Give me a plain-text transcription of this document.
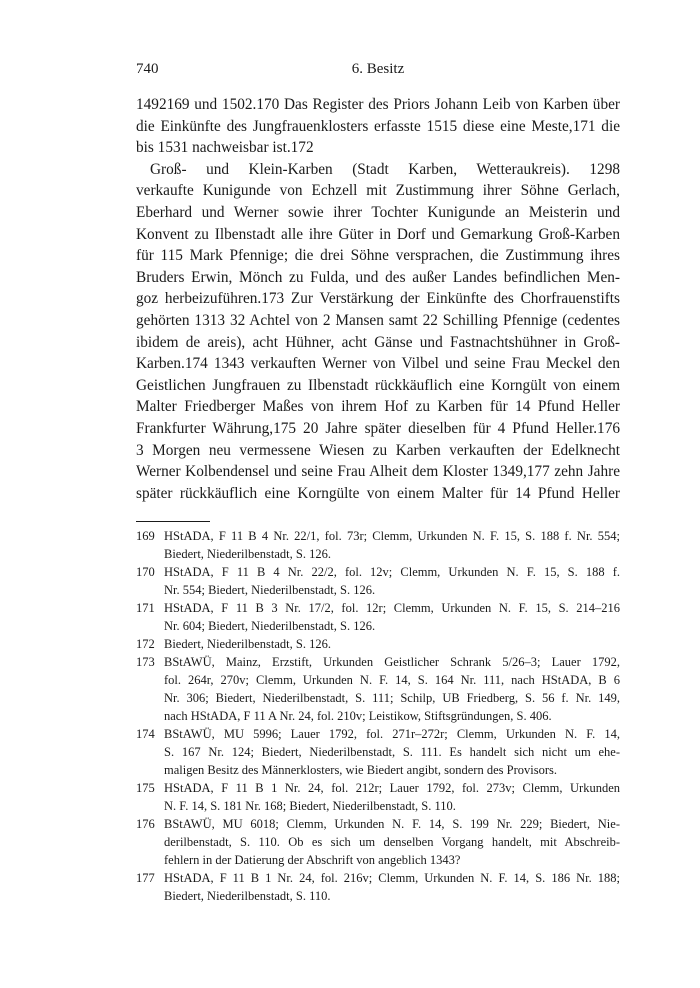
740	6. Besitz
1492169 und 1502.170 Das Register des Priors Johann Leib von Karben über
die Einkünfte des Jungfrauenklosters erfasste 1515 diese eine Meste,171 die
bis 1531 nachweisbar ist.172
Groß- und Klein-Karben (Stadt Karben, Wetteraukreis). 1298
verkaufte Kunigunde von Echzell mit Zustimmung ihrer Söhne Gerlach,
Eberhard und Werner sowie ihrer Tochter Kunigunde an Meisterin und
Konvent zu Ilbenstadt alle ihre Güter in Dorf und Gemarkung Groß-Karben
für 115 Mark Pfennige; die drei Söhne versprachen, die Zustimmung ihres
Bruders Erwin, Mönch zu Fulda, und des außer Landes befindlichen Men-
goz herbeizuführen.173 Zur Verstärkung der Einkünfte des Chorfrauenstifts
gehörten 1313 32 Achtel von 2 Mansen samt 22 Schilling Pfennige (cedentes
ibidem de areis), acht Hühner, acht Gänse und Fastnachtshühner in Groß-
Karben.174 1343 verkauften Werner von Vilbel und seine Frau Meckel den
Geistlichen Jungfrauen zu Ilbenstadt rückkäuflich eine Korngült von einem
Malter Friedberger Maßes von ihrem Hof zu Karben für 14 Pfund Heller
Frankfurter Währung,175 20 Jahre später dieselben für 4 Pfund Heller.176
3 Morgen neu vermessene Wiesen zu Karben verkauften der Edelknecht
Werner Kolbendensel und seine Frau Alheit dem Kloster 1349,177 zehn Jahre
später rückkäuflich eine Korngülte von einem Malter für 14 Pfund Heller
169 HStADA, F 11 B 4 Nr. 22/1, fol. 73r; Clemm, Urkunden N. F. 15, S. 188 f. Nr. 554;
Biedert, Niederilbenstadt, S. 126.
170 HStADA, F 11 B 4 Nr. 22/2, fol. 12v; Clemm, Urkunden N. F. 15, S. 188 f.
Nr. 554; Biedert, Niederilbenstadt, S. 126.
171 HStADA, F 11 B 3 Nr. 17/2, fol. 12r; Clemm, Urkunden N. F. 15, S. 214–216
Nr. 604; Biedert, Niederilbenstadt, S. 126.
172 Biedert, Niederilbenstadt, S. 126.
173 BStAWÜ, Mainz, Erzstift, Urkunden Geistlicher Schrank 5/26–3; Lauer 1792,
fol. 264r, 270v; Clemm, Urkunden N. F. 14, S. 164 Nr. 111, nach HStADA, B 6
Nr. 306; Biedert, Niederilbenstadt, S. 111; Schilp, UB Friedberg, S. 56 f. Nr. 149,
nach HStADA, F 11 A Nr. 24, fol. 210v; Leistikow, Stiftsgründungen, S. 406.
174 BStAWÜ, MU 5996; Lauer 1792, fol. 271r–272r; Clemm, Urkunden N. F. 14,
S. 167 Nr. 124; Biedert, Niederilbenstadt, S. 111. Es handelt sich nicht um ehe-
maligen Besitz des Männerklosters, wie Biedert angibt, sondern des Provisors.
175 HStADA, F 11 B 1 Nr. 24, fol. 212r; Lauer 1792, fol. 273v; Clemm, Urkunden
N. F. 14, S. 181 Nr. 168; Biedert, Niederilbenstadt, S. 110.
176 BStAWÜ, MU 6018; Clemm, Urkunden N. F. 14, S. 199 Nr. 229; Biedert, Nie-
derilbenstadt, S. 110. Ob es sich um denselben Vorgang handelt, mit Abschreib-
fehlern in der Datierung der Abschrift von angeblich 1343?
177 HStADA, F 11 B 1 Nr. 24, fol. 216v; Clemm, Urkunden N. F. 14, S. 186 Nr. 188;
Biedert, Niederilbenstadt, S. 110.
